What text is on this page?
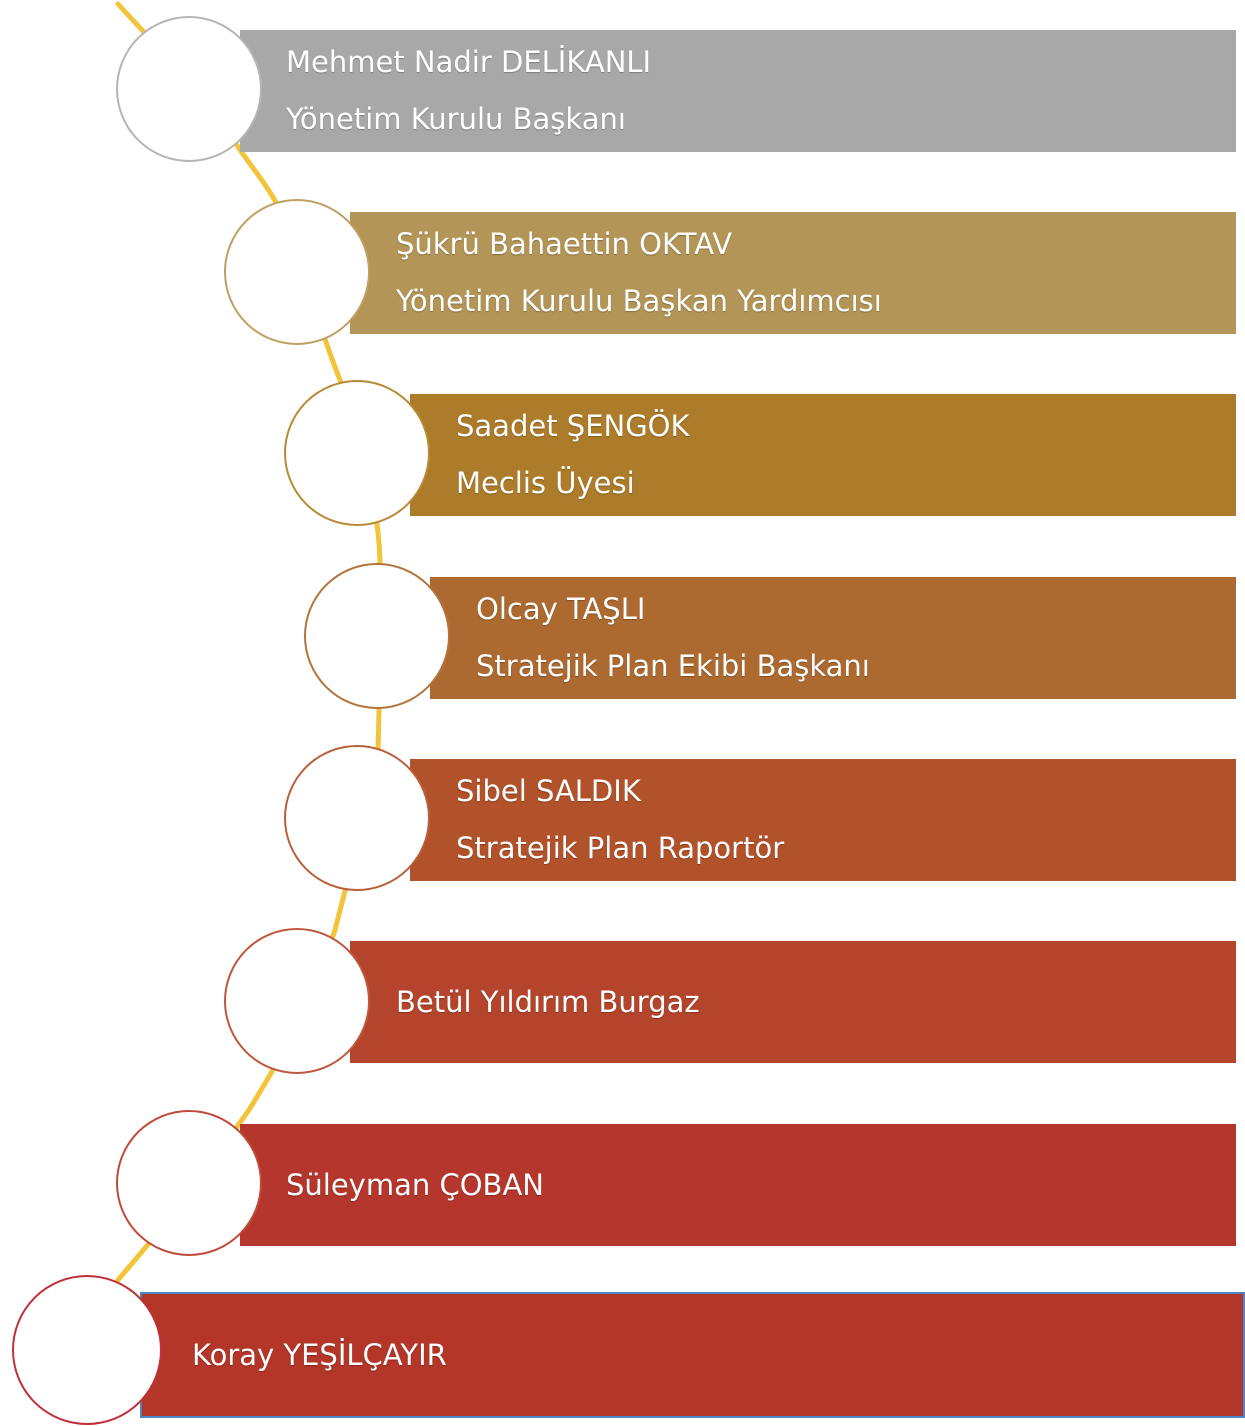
Mehmet Nadir DELİKANLI
Yönetim Kurulu Başkanı
Şükrü Bahaettin OKTAV
Yönetim Kurulu Başkan Yardımcısı
Saadet ŞENGÖK
Meclis Üyesi
Olcay TAŞLI
Stratejik Plan Ekibi Başkanı
Sibel SALDIK
Stratejik Plan Raportör
Betül Yıldırım Burgaz
Süleyman ÇOBAN
Koray YEŞİLÇAYIR
